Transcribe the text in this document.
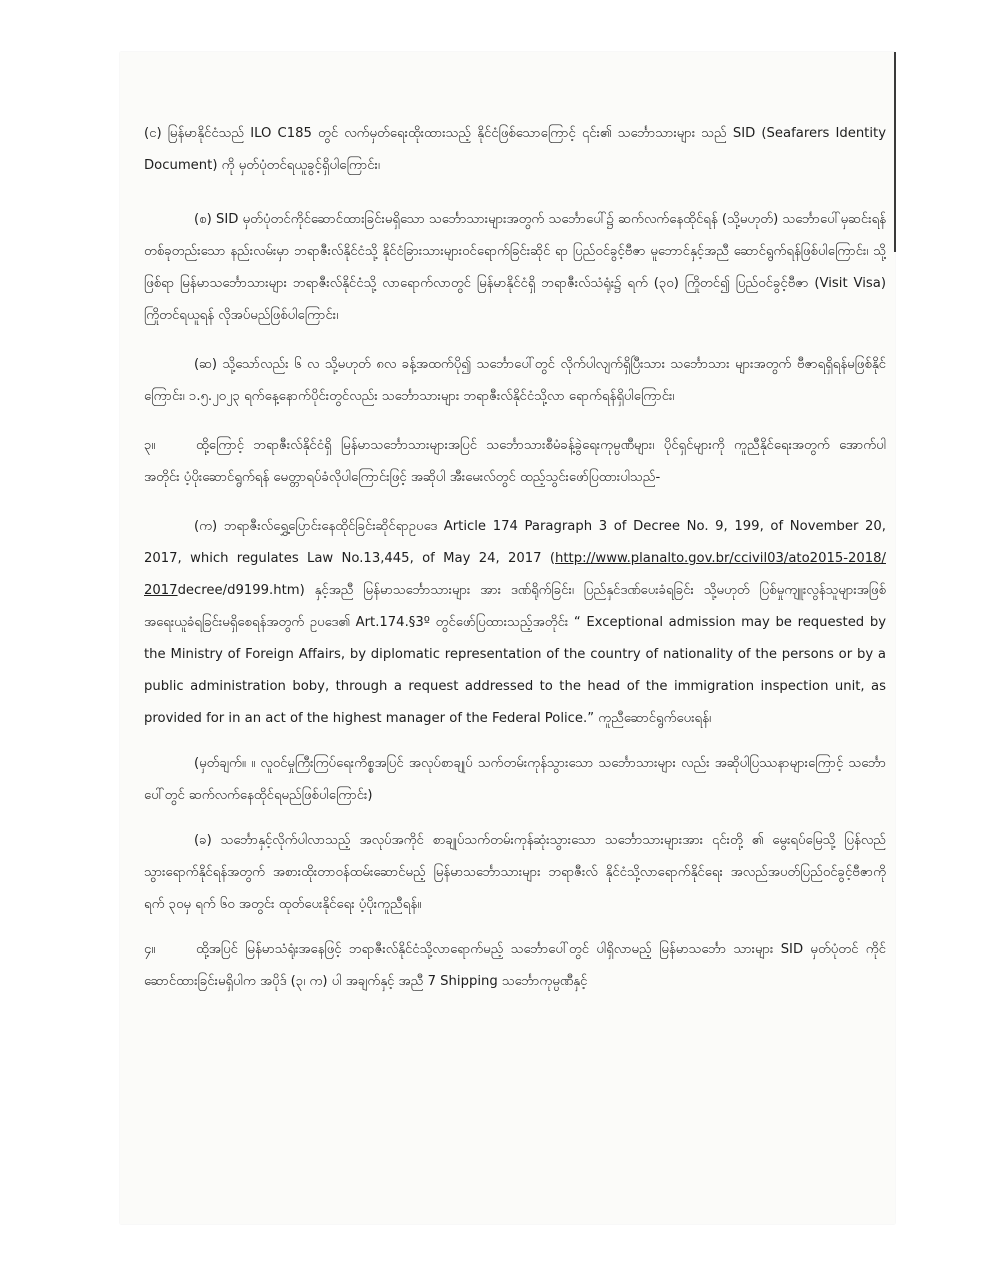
(င) မြန်မာနိုင်ငံသည် ILO C185 တွင် လက်မှတ်ရေးထိုးထားသည့် နိုင်ငံဖြစ်သောကြောင့် ၎င်း၏ သင်္ဘောသားများ သည် SID (Seafarers Identity Document) ကို မှတ်ပုံတင်ရယူခွင့်ရှိပါကြောင်း၊

(စ) SID မှတ်ပုံတင်ကိုင်ဆောင်ထားခြင်းမရှိသော သင်္ဘောသားများအတွက် သင်္ဘောပေါ်၌ ဆက်လက်နေထိုင်ရန် (သို့မဟုတ်) သင်္ဘောပေါ်မှဆင်းရန် တစ်ခုတည်းသော နည်းလမ်းမှာ ဘရာဇီးလ်နိုင်ငံသို့ နိုင်ငံခြားသားများဝင်ရောက်ခြင်းဆိုင် ရာ ပြည်ဝင်ခွင့်ဗီဇာ မူဘောင်နှင့်အညီ ဆောင်ရွက်ရန်ဖြစ်ပါကြောင်း၊ သို့ဖြစ်ရာ မြန်မာသင်္ဘောသားများ ဘရာဇီးလ်နိုင်ငံသို့ လာရောက်လာတွင် မြန်မာနိုင်ငံရှိ ဘရာဇီးလ်သံရုံး၌ ရက် (၃၀) ကြိုတင်၍ ပြည်ဝင်ခွင့်ဗီဇာ (Visit Visa) ကြိုတင်ရယူရန် လိုအပ်မည်ဖြစ်ပါကြောင်း၊

(ဆ) သို့သော်လည်း ၆ လ သို့မဟုတ် ၈လ ခန့်အထက်ပို၍ သင်္ဘောပေါ်တွင် လိုက်ပါလျက်ရှိပြီးသား သင်္ဘောသား များအတွက် ဗီဇာရရှိရန်မဖြစ်နိုင်ကြောင်း၊ ၁.၅.၂၀၂၃ ရက်နေ့နောက်ပိုင်းတွင်လည်း သင်္ဘောသားများ ဘရာဇီးလ်နိုင်ငံသို့လာ ရောက်ရန်ရှိပါကြောင်း၊

၃။	ထို့ကြောင့် ဘရာဇီးလ်နိုင်ငံရှိ မြန်မာသင်္ဘောသားများအပြင် သင်္ဘောသားစီမံခန့်ခွဲရေးကုမ္ပဏီများ၊ ပိုင်ရှင်များကို ကူညီနိုင်ရေးအတွက် အောက်ပါအတိုင်း ပံ့ပိုးဆောင်ရွက်ရန် မေတ္တာရပ်ခံလိုပါကြောင်းဖြင့် အဆိုပါ အီးမေးလ်တွင် ထည့်သွင်းဖော်ပြထားပါသည်-

(က) ဘရာဇီးလ်ရွှေ့ပြောင်းနေထိုင်ခြင်းဆိုင်ရာဥပဒေ Article 174 Paragraph 3 of Decree No. 9, 199, of November 20, 2017, which regulates Law No.13,445, of May 24, 2017 (http://www.planalto.gov.br/ccivil03/ato2015-2018/ 2017decree/d9199.htm) နှင့်အညီ မြန်မာသင်္ဘောသားများ အား ဒဏ်ရိုက်ခြင်း၊ ပြည်နှင်ဒဏ်ပေးခံရခြင်း သို့မဟုတ် ပြစ်မှုကျူးလွန်သူများအဖြစ် အရေးယူခံရခြင်းမရှိစေရန်အတွက် ဥပဒေ၏ Art.174.§3º တွင်ဖော်ပြထားသည့်အတိုင်း “ Exceptional admission may be requested by the Ministry of Foreign Affairs, by diplomatic representation of the country of nationality of the persons or by a public administration boby, through a request addressed to the head of the immigration inspection unit, as provided for in an act of the highest manager of the Federal Police.” ကူညီဆောင်ရွက်ပေးရန်၊

(မှတ်ချက်။ ။ လူဝင်မှုကြီးကြပ်ရေးကိစ္စအပြင် အလုပ်စာချုပ် သက်တမ်းကုန်သွားသော သင်္ဘောသားများ လည်း အဆိုပါပြဿနာများကြောင့် သင်္ဘောပေါ်တွင် ဆက်လက်နေထိုင်ရမည်ဖြစ်ပါကြောင်း)

(ခ) သင်္ဘောနှင့်လိုက်ပါလာသည့် အလုပ်အကိုင် စာချုပ်သက်တမ်းကုန်ဆုံးသွားသော သင်္ဘောသားများအား ၎င်းတို့ ၏ မွေးရပ်မြေသို့ ပြန်လည်သွားရောက်နိုင်ရန်အတွက် အစားထိုးတာဝန်ထမ်းဆောင်မည့် မြန်မာသင်္ဘောသားများ ဘရာဇီးလ် နိုင်ငံသို့လာရောက်နိုင်ရေး အလည်အပတ်ပြည်ဝင်ခွင့်ဗီဇာကို ရက် ၃၀မှ ရက် ၆၀ အတွင်း ထုတ်ပေးနိုင်ရေး ပံ့ပိုးကူညီရန်။

၄။	ထို့အပြင် မြန်မာသံရုံးအနေဖြင့် ဘရာဇီးလ်နိုင်ငံသို့လာရောက်မည့် သင်္ဘောပေါ်တွင် ပါရှိလာမည့် မြန်မာသင်္ဘော သားများ SID မှတ်ပုံတင် ကိုင်ဆောင်ထားခြင်းမရှိပါက အပိုဒ် (၃၊ က) ပါ အချက်နှင့် အညီ 7 Shipping သင်္ဘောကုမ္ပဏီနှင့်
